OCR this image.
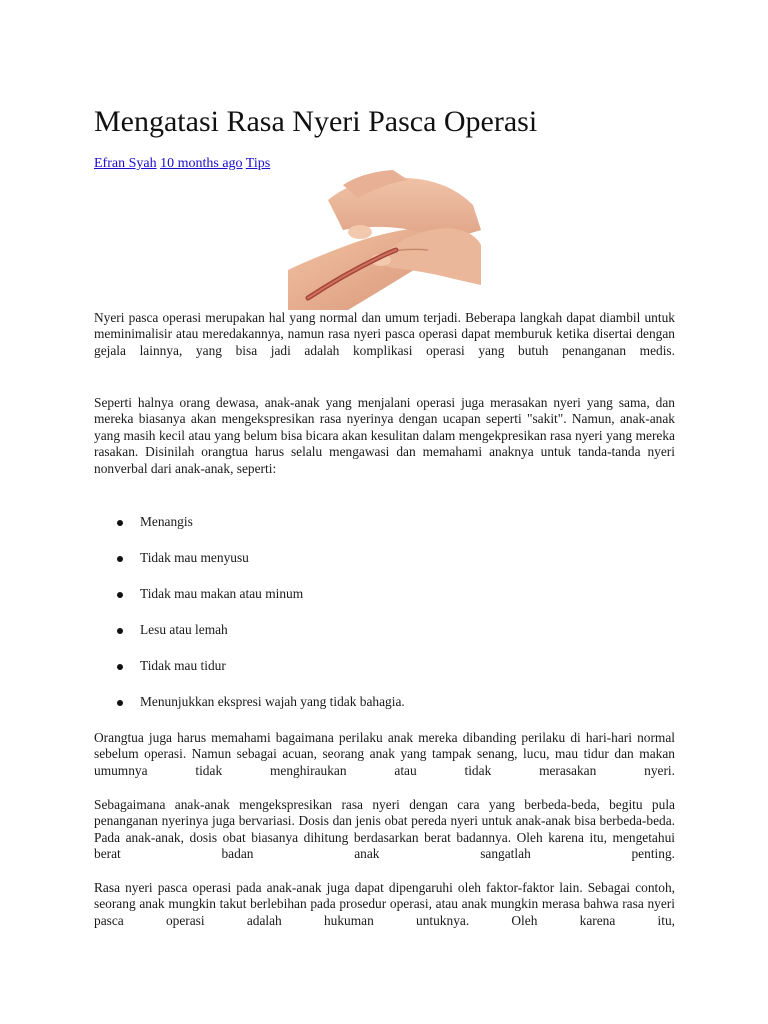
Mengatasi Rasa Nyeri Pasca Operasi
Efran Syah 10 months ago Tips

Nyeri pasca operasi merupakan hal yang normal dan umum terjadi. Beberapa langkah dapat diambil untuk meminimalisir atau meredakannya, namun rasa nyeri pasca operasi dapat memburuk ketika disertai dengan gejala lainnya, yang bisa jadi adalah komplikasi operasi yang butuh penanganan medis.

Seperti halnya orang dewasa, anak-anak yang menjalani operasi juga merasakan nyeri yang sama, dan mereka biasanya akan mengekspresikan rasa nyerinya dengan ucapan seperti "sakit". Namun, anak-anak yang masih kecil atau yang belum bisa bicara akan kesulitan dalam mengekpresikan rasa nyeri yang mereka rasakan. Disinilah orangtua harus selalu mengawasi dan memahami anaknya untuk tanda-tanda nyeri nonverbal dari anak-anak, seperti:

Menangis
Tidak mau menyusu
Tidak mau makan atau minum
Lesu atau lemah
Tidak mau tidur
Menunjukkan ekspresi wajah yang tidak bahagia.

Orangtua juga harus memahami bagaimana perilaku anak mereka dibanding perilaku di hari-hari normal sebelum operasi. Namun sebagai acuan, seorang anak yang tampak senang, lucu, mau tidur dan makan umumnya tidak menghiraukan atau tidak merasakan nyeri.

Sebagaimana anak-anak mengekspresikan rasa nyeri dengan cara yang berbeda-beda, begitu pula penanganan nyerinya juga bervariasi. Dosis dan jenis obat pereda nyeri untuk anak-anak bisa berbeda-beda. Pada anak-anak, dosis obat biasanya dihitung berdasarkan berat badannya. Oleh karena itu, mengetahui berat badan anak sangatlah penting.

Rasa nyeri pasca operasi pada anak-anak juga dapat dipengaruhi oleh faktor-faktor lain. Sebagai contoh, seorang anak mungkin takut berlebihan pada prosedur operasi, atau anak mungkin merasa bahwa rasa nyeri pasca operasi adalah hukuman untuknya. Oleh karena itu,
